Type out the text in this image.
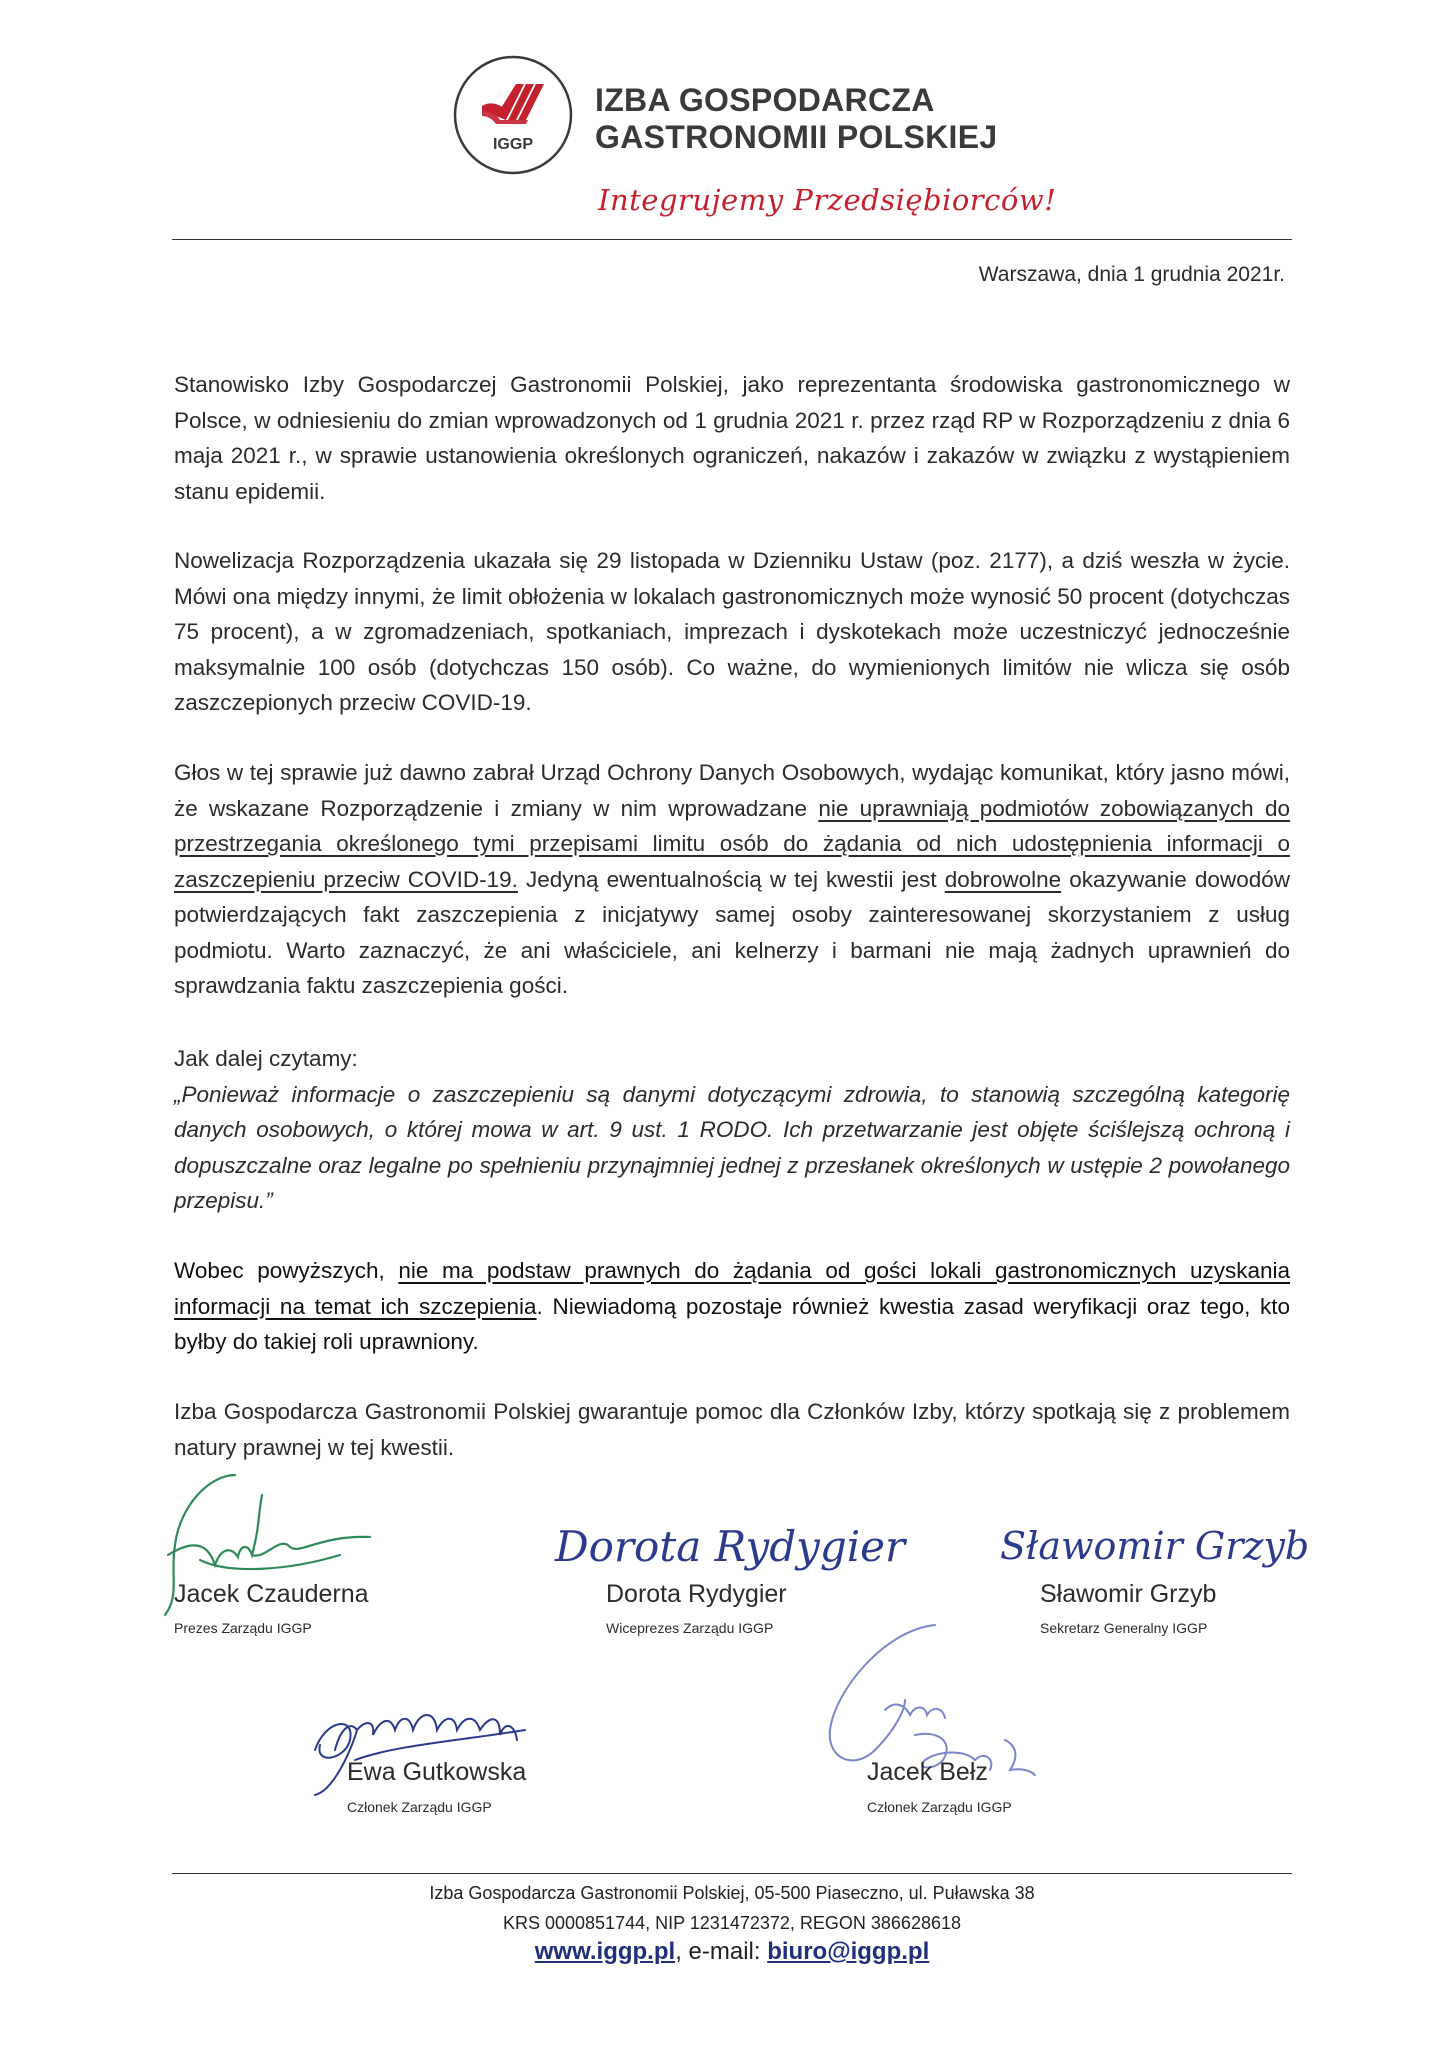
IGGP
IZBA GOSPODARCZA
GASTRONOMII POLSKIEJ
Integrujemy Przedsiębiorców!
Warszawa, dnia 1 grudnia 2021r.

Stanowisko Izby Gospodarczej Gastronomii Polskiej, jako reprezentanta środowiska gastronomicznego w Polsce, w odniesieniu do zmian wprowadzonych od 1 grudnia 2021 r. przez rząd RP w Rozporządzeniu z dnia 6 maja 2021 r., w sprawie ustanowienia określonych ograniczeń, nakazów i zakazów w związku z wystąpieniem stanu epidemii.

Nowelizacja Rozporządzenia ukazała się 29 listopada w Dzienniku Ustaw (poz. 2177), a dziś weszła w życie. Mówi ona między innymi, że limit obłożenia w lokalach gastronomicznych może wynosić 50 procent (dotychczas 75 procent), a w zgromadzeniach, spotkaniach, imprezach i dyskotekach może uczestniczyć jednocześnie maksymalnie 100 osób (dotychczas 150 osób). Co ważne, do wymienionych limitów nie wlicza się osób zaszczepionych przeciw COVID-19.

Głos w tej sprawie już dawno zabrał Urząd Ochrony Danych Osobowych, wydając komunikat, który jasno mówi, że wskazane Rozporządzenie i zmiany w nim wprowadzane nie uprawniają podmiotów zobowiązanych do przestrzegania określonego tymi przepisami limitu osób do żądania od nich udostępnienia informacji o zaszczepieniu przeciw COVID-19. Jedyną ewentualnością w tej kwestii jest dobrowolne okazywanie dowodów potwierdzających fakt zaszczepienia z inicjatywy samej osoby zainteresowanej skorzystaniem z usług podmiotu. Warto zaznaczyć, że ani właściciele, ani kelnerzy i barmani nie mają żadnych uprawnień do sprawdzania faktu zaszczepienia gości.

Jak dalej czytamy:

„Ponieważ informacje o zaszczepieniu są danymi dotyczącymi zdrowia, to stanowią szczególną kategorię danych osobowych, o której mowa w art. 9 ust. 1 RODO. Ich przetwarzanie jest objęte ściślejszą ochroną i dopuszczalne oraz legalne po spełnieniu przynajmniej jednej z przesłanek określonych w ustępie 2 powołanego przepisu.”

Wobec powyższych, nie ma podstaw prawnych do żądania od gości lokali gastronomicznych uzyskania informacji na temat ich szczepienia. Niewiadomą pozostaje również kwestia zasad weryfikacji oraz tego, kto byłby do takiej roli uprawniony.

Izba Gospodarcza Gastronomii Polskiej gwarantuje pomoc dla Członków Izby, którzy spotkają się z problemem natury prawnej w tej kwestii.

Dorota Rydygier Sławomir Grzyb
Jacek Czauderna
Prezes Zarządu IGGP
Dorota Rydygier
Wiceprezes Zarządu IGGP
Sławomir Grzyb
Sekretarz Generalny IGGP
Ewa Gutkowska
Członek Zarządu IGGP
Jacek Bełz
Członek Zarządu IGGP
Izba Gospodarcza Gastronomii Polskiej, 05-500 Piaseczno, ul. Puławska 38
KRS 0000851744, NIP 1231472372, REGON 386628618
www.iggp.pl, e-mail: biuro@iggp.pl
